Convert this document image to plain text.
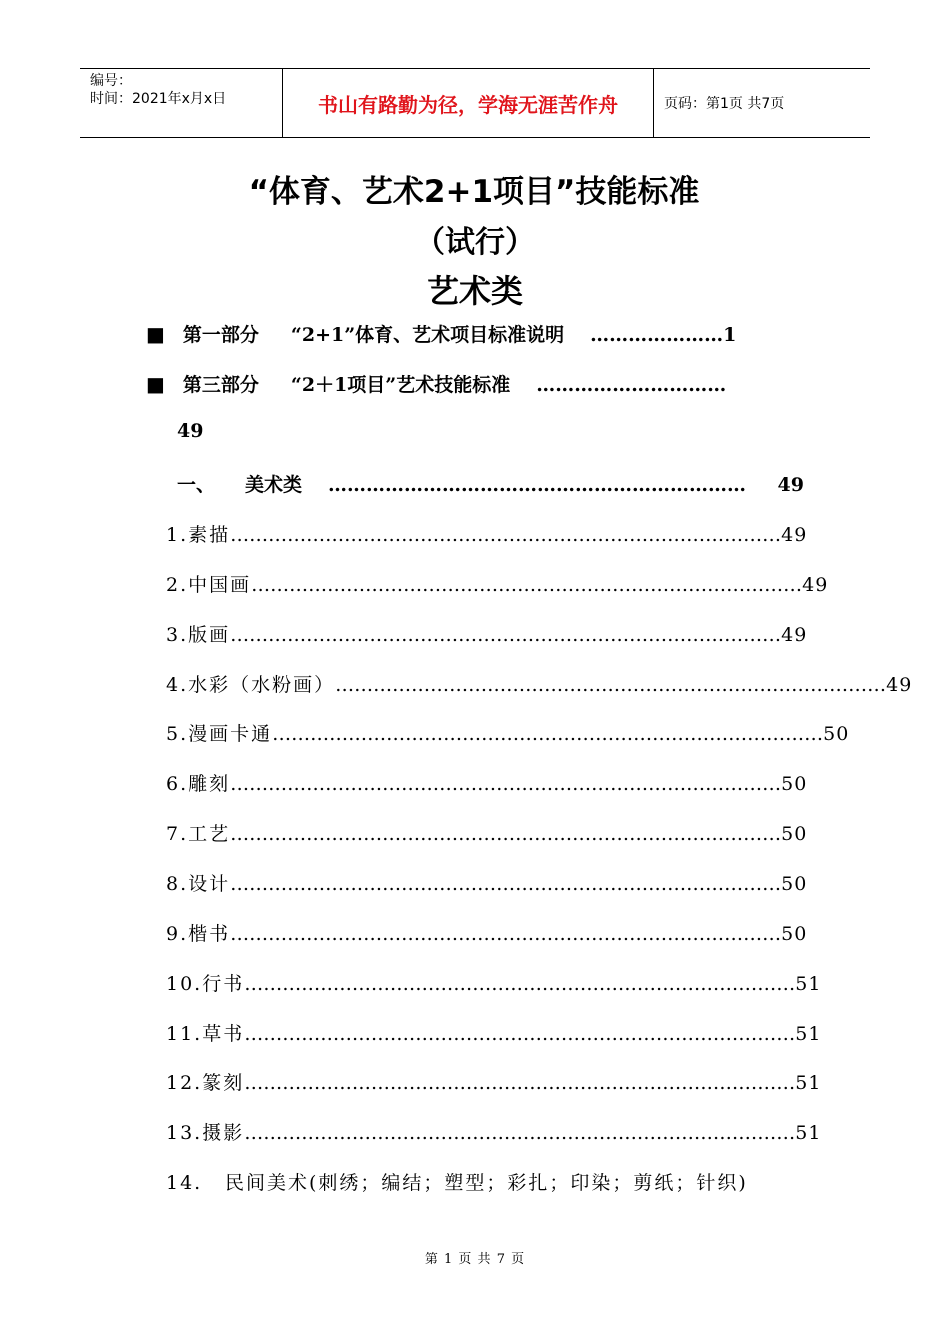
编号：
时间：2021年x月x日	书山有路勤为径，学海无涯苦作舟	页码：第1页 共7页
“体育、艺术2+1项目”技能标准
（试行）
艺术类
■ 第一部分 “2+1”体育、艺术项目标准说明 ………………… 1
■ 第三部分 “2＋1项目”艺术技能标准 …………………………
49
一、 美术类 …………………………………………………………	49
1. 素描 …………………………………………………………………………… 49
2. 中国画 …………………………………………………………………………… 49
3. 版画 …………………………………………………………………………… 49
4. 水彩（水粉画） …………………………………………………………………………… 49
5. 漫画卡通 …………………………………………………………………………… 50
6. 雕刻 …………………………………………………………………………… 50
7. 工艺 …………………………………………………………………………… 50
8. 设计 …………………………………………………………………………… 50
9. 楷书 …………………………………………………………………………… 50
10. 行书 …………………………………………………………………………… 51
11. 草书 …………………………………………………………………………… 51
12. 篆刻 …………………………………………………………………………… 51
13. 摄影 …………………………………………………………………………… 51
14.	民间美术(刺绣；编结；塑型；彩扎；印染；剪纸；针织)
第 1 页 共 7 页
